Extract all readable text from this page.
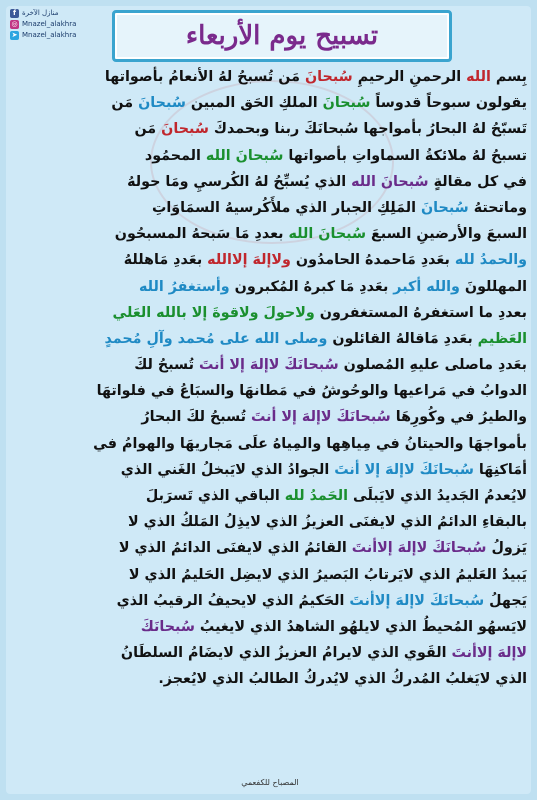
f منازل الآخرة
◎ Mnazel_alakhra
➤ Mnazel_alakhra	تسبيح يوم الأربعاء
بِسم الله الرحمنِ الرحيمِ سُبحانَ مَن تُسبحُ لهُ الأنعامُ بأصواتها
يقولون سبوحاً قدوساً سُبحانَ الملكِ الحَق المبين سُبحانَ مَن
تَسبّحُ لهُ البحارُ بأمواجها سُبحانَكَ ربنا وبحمدكَ سُبحانَ مَن
تسبحُ لهُ ملائكةُ السماواتِ بأصواتها سُبحانَ الله المحمُود
في كل مقالةٍ سُبحانَ الله الذي يُسبِّحُ لهُ الكُرسيِ ومَا حولهُ
وماتحتهُ سُبحانَ المَلِكِ الجبار الذي ملأَكُرسيهُ السمَاوَاتِ
السبعَ والأرضينِ السبعَ سُبحانَ الله بعددِ مَا سَبحهُ المسبحُون
والحمدُ لله بعَددِ مَاحمدهُ الحامدُون ولاإلهَ إلاالله بعَددِ مَاهللهُ
المهللونَ والله أكبر بعَددِ مَا كبرهُ المُكبرون وأستغفرُ الله
بعددِ ما استغفرهُ المستغفرون ولاحولَ ولاقوةَ إلا بالله العَلي
العَظيم بعَددِ مَاقالهُ القائلون وصلى الله على مُحمد وآلِ مُحمدٍ
بعَددِ ماصلى عليهِ المُصلون سُبحانَكَ لاإلهَ إلا أنتَ تُسبحُ لكَ
الدوابُ في مَراعيها والوحُوشُ في مَطانهَا والسبَاعُ في فلواتهَا
والطيرُ في وكُورِهَا سُبحانَكَ لاإلهَ إلا أنتَ تُسبحُ لكَ البحارُ
بأمواجهَا والحيتانُ في مِياهِها والمِياهُ علَى مَجاريهَا والهوامُ في
أمَاكنِهَا سُبحانَكَ لاإلهَ إلا أنتَ الجوادُ الذي لايَبخلُ الغَني الذي
لايُعدمُ الجَديدُ الذي لايَبلَى الحَمدُ لله الباقي الذي تَسرَبلَ
بالبقاءِ الدائمُ الذي لايفنَى العزيزُ الذي لايذِلُ المَلكُ الذي لا
يَزولُ سُبحانَكَ لاإلهَ إلاأنتَ القائمُ الذي لايفنَى الدائمُ الذي لا
يَبيدُ العَليمُ الذي لايَرتابُ البَصيرُ الذي لايضِل الحَليمُ الذي لا
يَجهلُ سُبحانَكَ لاإلهَ إلاأنتَ الحَكيمُ الذي لايحيفُ الرقيبُ الذي
لايَسهُو المُحيطُ الذي لايلهُو الشاهدُ الذي لايغيبُ سُبحانَكَ
لاإلهَ إلاأنتَ القَوي الذي لايرامُ العزيزُ الذي لايضَامُ السلطَانُ
الذي لايَغلبُ المُدركُ الذي لايُدركُ الطالبُ الذي لايُعجز.
المصباح للكفعمي
